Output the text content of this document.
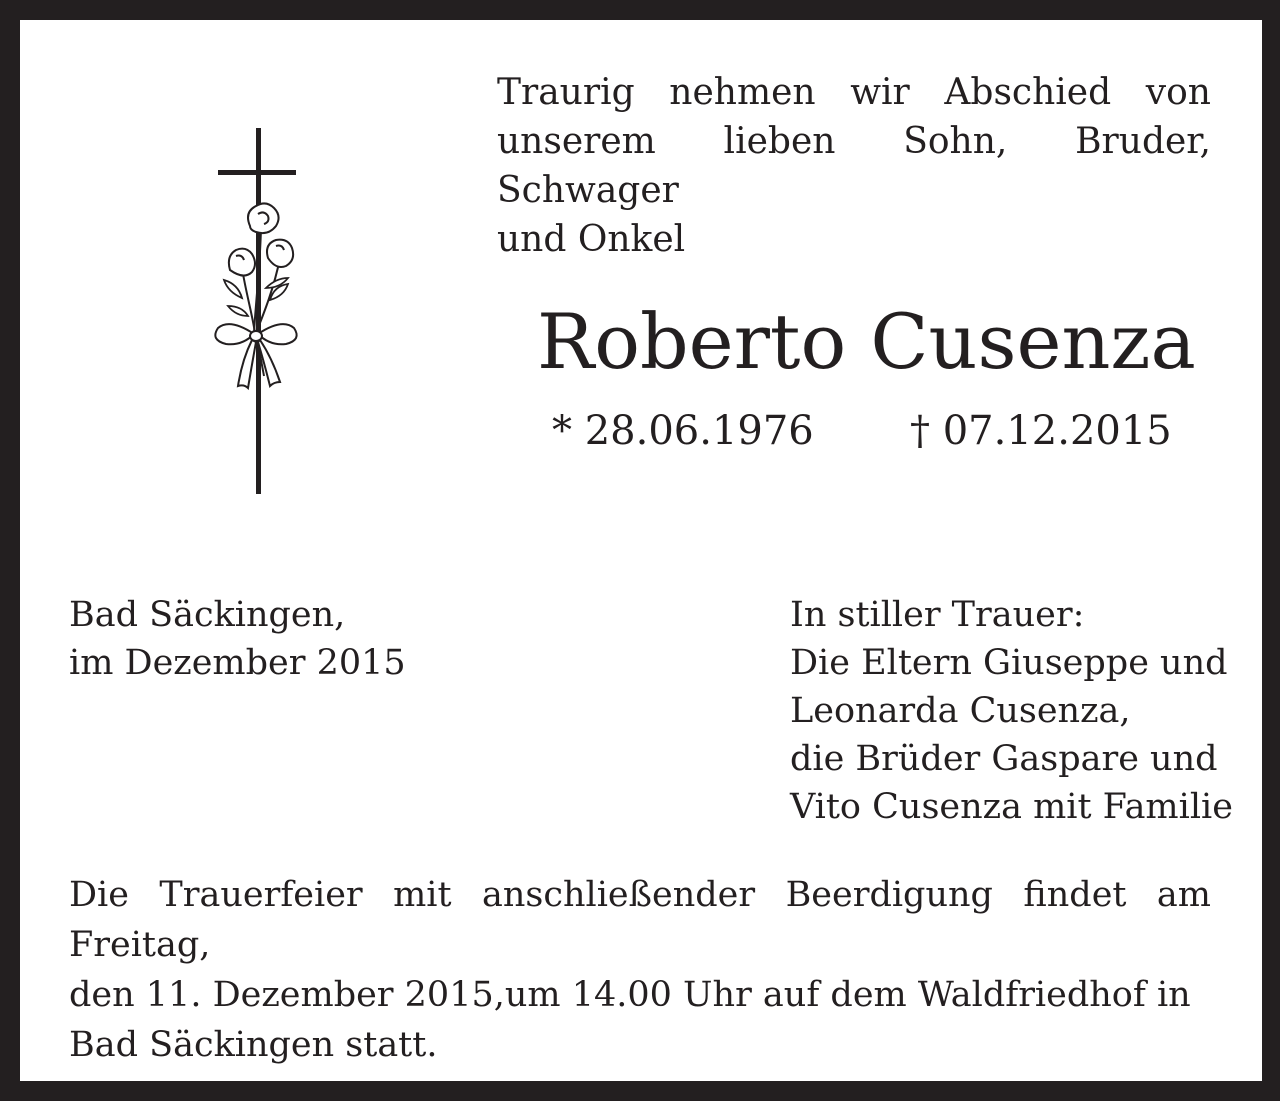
Traurig nehmen wir Abschied von
unserem lieben Sohn, Bruder, Schwager
und Onkel

Roberto Cusenza
* 28.06.1976 † 07.12.2015
Bad Säckingen,
im Dezember 2015
In stiller Trauer:
Die Eltern Giuseppe und
Leonarda Cusenza,
die Brüder Gaspare und
Vito Cusenza mit Familie
Die Trauerfeier mit anschließender Beerdigung findet am Freitag,
den 11. Dezember 2015,um 14.00 Uhr auf dem Waldfriedhof in
Bad Säckingen statt.
